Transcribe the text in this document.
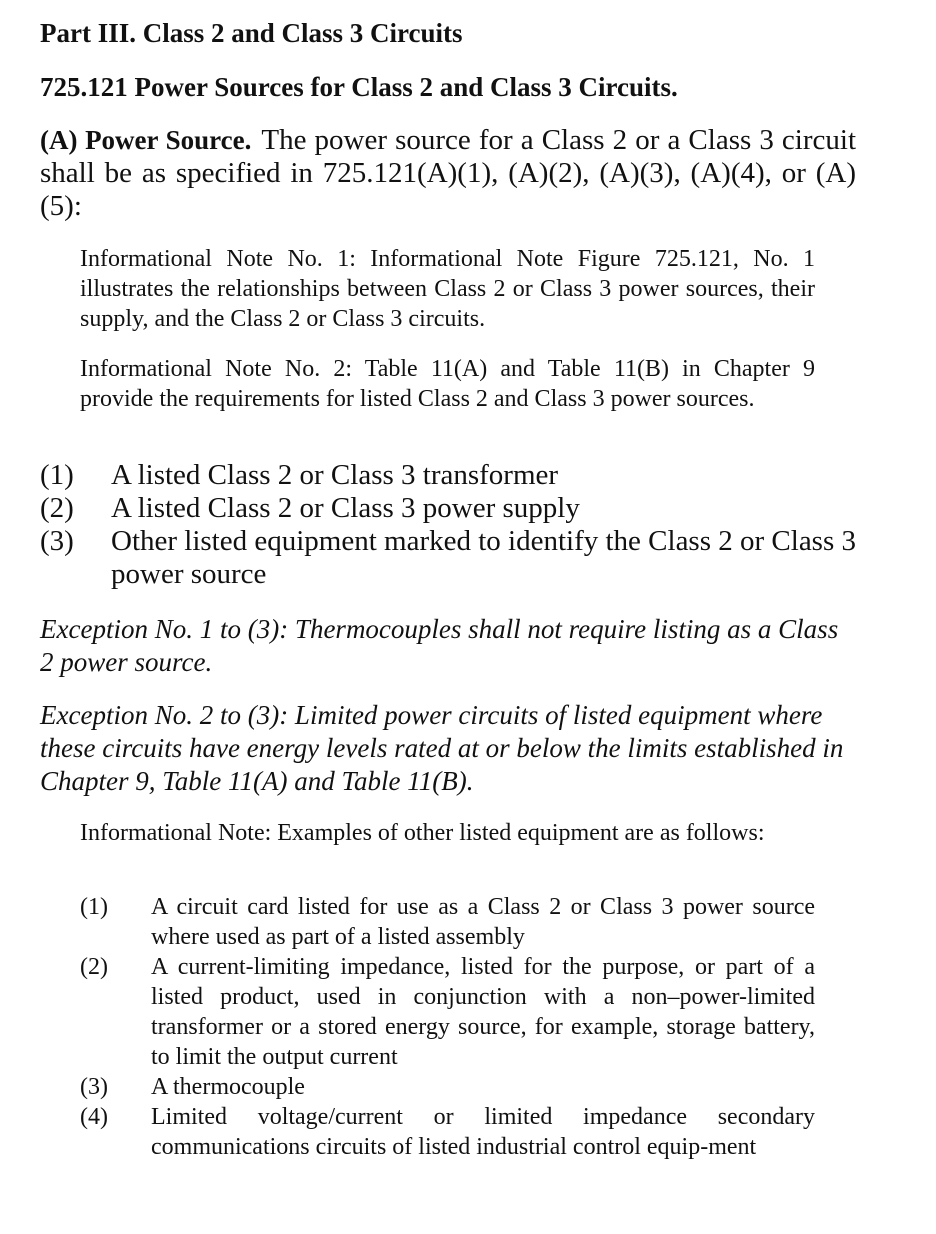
Part III. Class 2 and Class 3 Circuits
725.121 Power Sources for Class 2 and Class 3 Circuits.

(A) Power Source. The power source for a Class 2 or a Class 3 circuit shall be as specified in 725.121(A)(1), (A)(2), (A)(3), (A)(4), or (A)(5):

Informational Note No. 1: Informational Note Figure 725.121, No. 1 illustrates the relationships between Class 2 or Class 3 power sources, their supply, and the Class 2 or Class 3 circuits.

Informational Note No. 2: Table 11(A) and Table 11(B) in Chapter 9 provide the requirements for listed Class 2 and Class 3 power sources.

(1)	A listed Class 2 or Class 3 transformer
(2)	A listed Class 2 or Class 3 power supply
(3)	Other listed equipment marked to identify the Class 2 or Class 3 power source

Exception No. 1 to (3): Thermocouples shall not require listing as a Class 2 power source.

Exception No. 2 to (3): Limited power circuits of listed equipment where these circuits have energy levels rated at or below the limits established in Chapter 9, Table 11(A) and Table 11(B).

Informational Note: Examples of other listed equipment are as follows:

(1)	A circuit card listed for use as a Class 2 or Class 3 power source where used as part of a listed assembly
(2)	A current-limiting impedance, listed for the purpose, or part of a listed product, used in conjunction with a non–power-limited transformer or a stored energy source, for example, storage battery, to limit the output current
(3)	A thermocouple
(4)	Limited voltage/current or limited impedance secondary communications circuits of listed industrial control equip-ment
